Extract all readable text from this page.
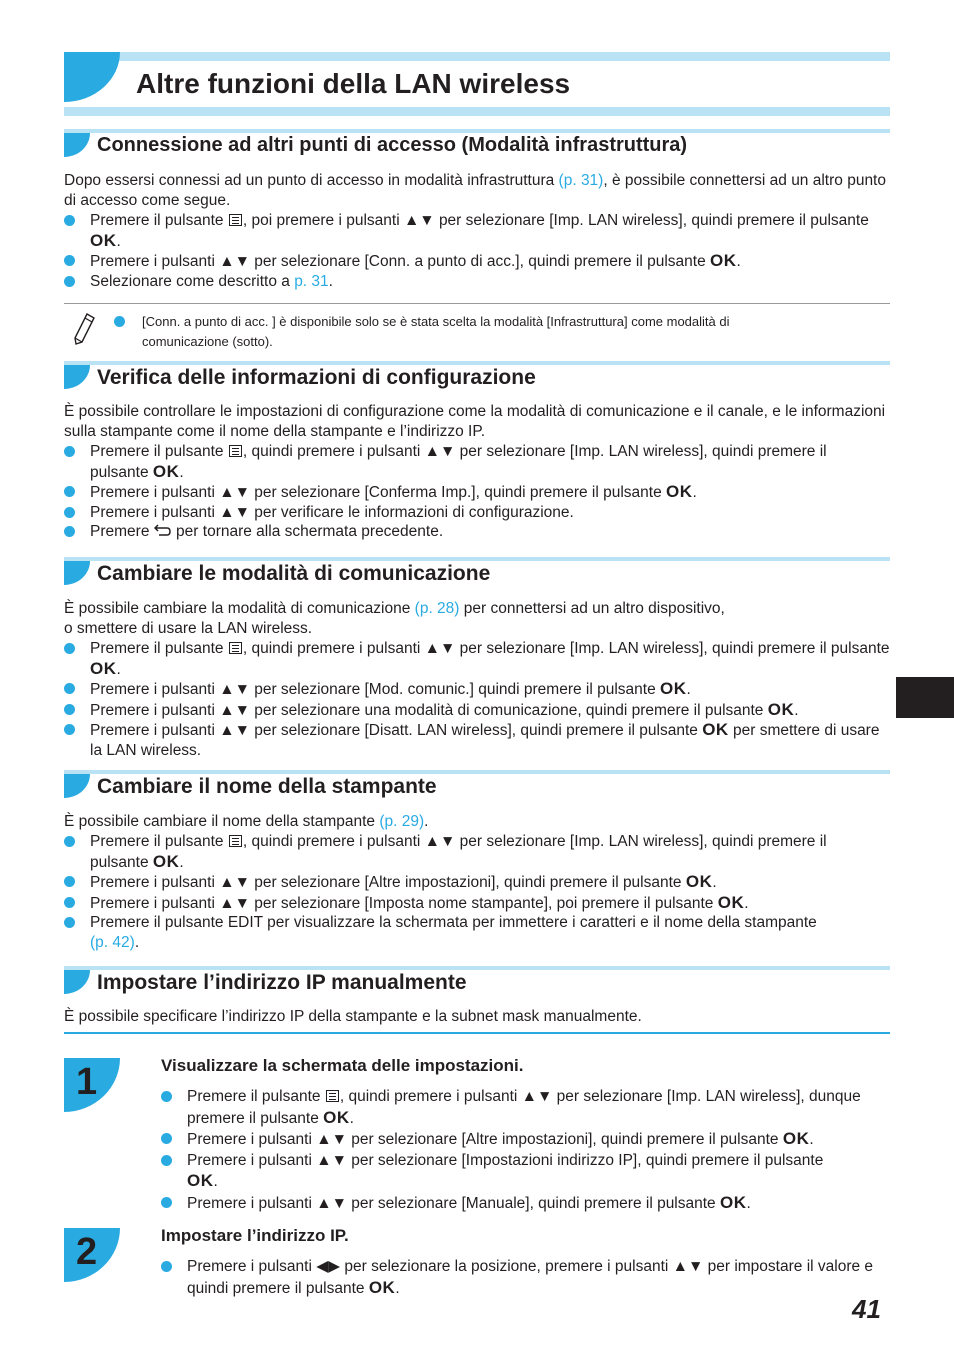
Altre funzioni della LAN wireless
Connessione ad altri punti di accesso (Modalità infrastruttura)

Dopo essersi connessi ad un punto di accesso in modalità infrastruttura (p. 31), è possibile connettersi ad un altro punto di accesso come segue.

Premere il pulsante , poi premere i pulsanti ▲▼ per selezionare [Imp. LAN wireless], quindi premere il pulsante OK.
Premere i pulsanti ▲▼ per selezionare [Conn. a punto di acc.], quindi premere il pulsante OK.
Selezionare come descritto a p. 31.
[Conn. a punto di acc. ] è disponibile solo se è stata scelta la modalità [Infrastruttura] come modalità di comunicazione (sotto).
Verifica delle informazioni di configurazione

È possibile controllare le impostazioni di configurazione come la modalità di comunicazione e il canale, e le informazioni sulla stampante come il nome della stampante e l’indirizzo IP.

Premere il pulsante , quindi premere i pulsanti ▲▼ per selezionare [Imp. LAN wireless], quindi premere il pulsante OK.
Premere i pulsanti ▲▼ per selezionare [Conferma Imp.], quindi premere il pulsante OK.
Premere i pulsanti ▲▼ per verificare le informazioni di configurazione.
Premere  per tornare alla schermata precedente.
Cambiare le modalità di comunicazione

È possibile cambiare la modalità di comunicazione (p. 28) per connettersi ad un altro dispositivo,
o smettere di usare la LAN wireless.

Premere il pulsante , quindi premere i pulsanti ▲▼ per selezionare [Imp. LAN wireless], quindi premere il pulsante OK.
Premere i pulsanti ▲▼ per selezionare [Mod. comunic.] quindi premere il pulsante OK.
Premere i pulsanti ▲▼ per selezionare una modalità di comunicazione, quindi premere il pulsante OK.
Premere i pulsanti ▲▼ per selezionare [Disatt. LAN wireless], quindi premere il pulsante OK per smettere di usare la LAN wireless.
Cambiare il nome della stampante

È possibile cambiare il nome della stampante (p. 29).

Premere il pulsante , quindi premere i pulsanti ▲▼ per selezionare [Imp. LAN wireless], quindi premere il pulsante OK.
Premere i pulsanti ▲▼ per selezionare [Altre impostazioni], quindi premere il pulsante OK.
Premere i pulsanti ▲▼ per selezionare [Imposta nome stampante], poi premere il pulsante OK.
Premere il pulsante EDIT per visualizzare la schermata per immettere i caratteri e il nome della stampante (p. 42).
Impostare l’indirizzo IP manualmente

È possibile specificare l’indirizzo IP della stampante e la subnet mask manualmente.

1	Visualizzare la schermata delle impostazioni.
Premere il pulsante , quindi premere i pulsanti ▲▼ per selezionare [Imp. LAN wireless], dunque premere il pulsante OK.
Premere i pulsanti ▲▼ per selezionare [Altre impostazioni], quindi premere il pulsante OK.
Premere i pulsanti ▲▼ per selezionare [Impostazioni indirizzo IP], quindi premere il pulsante OK.
Premere i pulsanti ▲▼ per selezionare [Manuale], quindi premere il pulsante OK.
2	Impostare l’indirizzo IP.
Premere i pulsanti ◀▶ per selezionare la posizione, premere i pulsanti ▲▼ per impostare il valore e quindi premere il pulsante OK.
41
